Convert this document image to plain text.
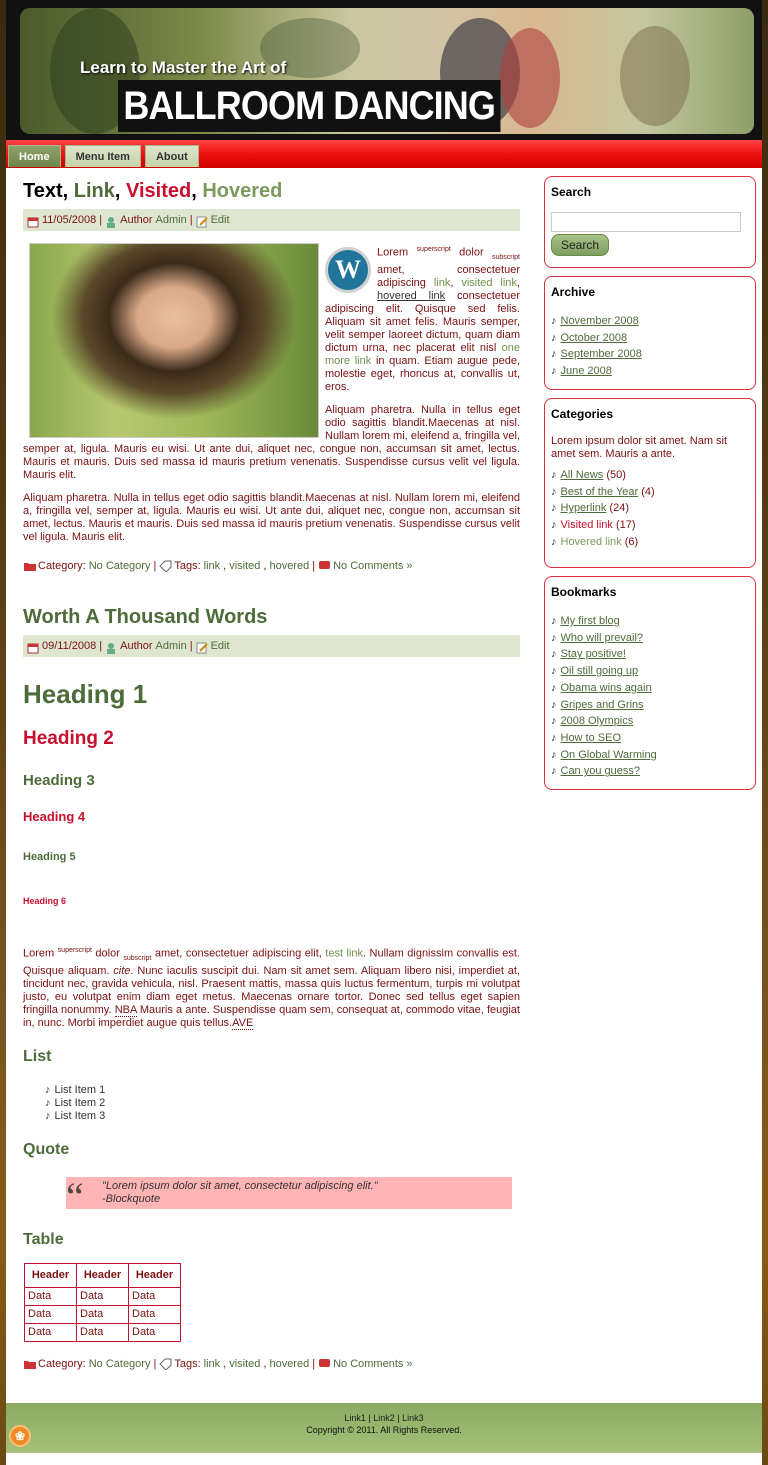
Learn to Master the Art of
BALLROOM DANCING
Home	Menu Item	About
Text, Link, Visited, Hovered
11/05/2008 | Author Admin | Edit

W
Lorem $^{superscript}$ dolor $_{subscript}$ amet, consectetuer adipiscing link, visited link, hovered link consectetuer adipiscing elit. Quisque sed felis. Aliquam sit amet felis. Mauris semper, velit semper laoreet dictum, quam diam dictum urna, nec placerat elit nisl one more link in quam. Etiam augue pede, molestie eget, rhoncus at, convallis ut, eros.

Aliquam pharetra. Nulla in tellus eget odio sagittis blandit.Maecenas at nisl. Nullam lorem mi, eleifend a, fringilla vel, semper at, ligula. Mauris eu wisi. Ut ante dui, aliquet nec, congue non, accumsan sit amet, lectus. Mauris et mauris. Duis sed massa id mauris pretium venenatis. Suspendisse cursus velit vel ligula. Mauris elit.

Aliquam pharetra. Nulla in tellus eget odio sagittis blandit.Maecenas at nisl. Nullam lorem mi, eleifend a, fringilla vel, semper at, ligula. Mauris eu wisi. Ut ante dui, aliquet nec, congue non, accumsan sit amet, lectus. Mauris et mauris. Duis sed massa id mauris pretium venenatis. Suspendisse cursus velit vel ligula. Mauris elit.

Category: No Category | Tags: link , visited , hovered | No Comments »
Worth A Thousand Words
09/11/2008 | Author Admin | Edit
Heading 1
Heading 2
Heading 3
Heading 4
Heading 5
Heading 6

Lorem $^{superscript}$ dolor $_{subscript}$ amet, consectetuer adipiscing elit, test link. Nullam dignissim convallis est. Quisque aliquam. cite. Nunc iaculis suscipit dui. Nam sit amet sem. Aliquam libero nisi, imperdiet at, tincidunt nec, gravida vehicula, nisl. Praesent mattis, massa quis luctus fermentum, turpis mi volutpat justo, eu volutpat enim diam eget metus. Maecenas ornare tortor. Donec sed tellus eget sapien fringilla nonummy. NBA Mauris a ante. Suspendisse quam sem, consequat at, commodo vitae, feugiat in, nunc. Morbi imperdiet augue quis tellus.AVE

List
♪ List Item 1
♪ List Item 2
♪ List Item 3
Quote
“ "Lorem ipsum dolor sit amet, consectetur adipiscing elit."
-Blockquote
Table
Header	Header	Header
Data	Data	Data
Data	Data	Data
Data	Data	Data
Category: No Category | Tags: link , visited , hovered | No Comments »
Search
Search
Archive
♪ November 2008
♪ October 2008
♪ September 2008
♪ June 2008
Categories
Lorem ipsum dolor sit amet. Nam sit amet sem. Mauris a ante.
♪ All News (50)
♪ Best of the Year (4)
♪ Hyperlink (24)
♪ Visited link (17)
♪ Hovered link (6)
Bookmarks
♪ My first blog
♪ Who will prevail?
♪ Stay positive!
♪ Oil still going up
♪ Obama wins again
♪ Gripes and Grins
♪ 2008 Olympics
♪ How to SEO
♪ On Global Warming
♪ Can you guess?
Link1 | Link2 | Link3
Copyright © 2011. All Rights Reserved.
❀
